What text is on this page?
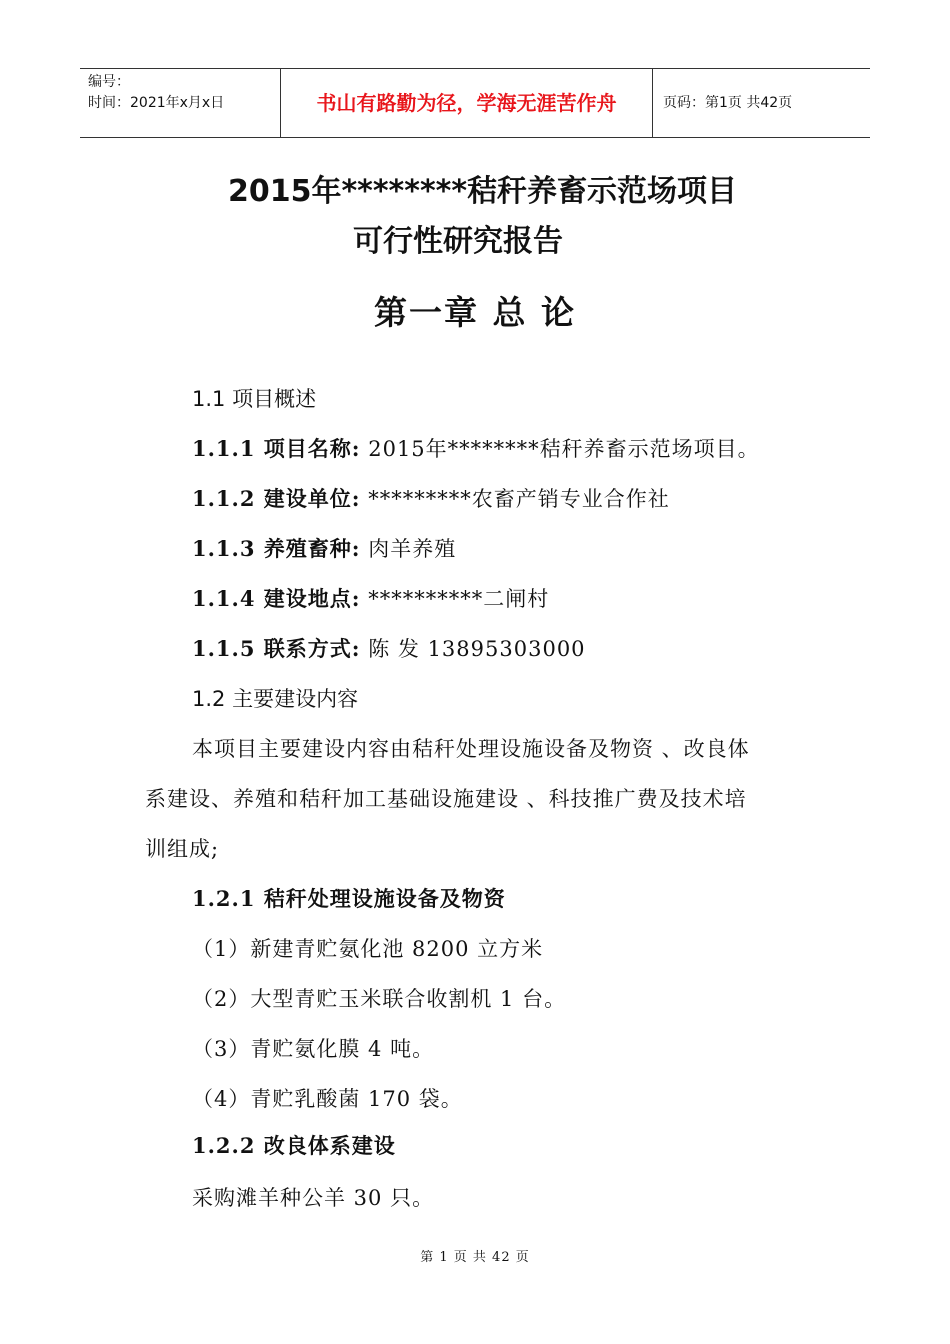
编号：
时间：2021年x月x日	书山有路勤为径，学海无涯苦作舟	页码：第1页 共42页
2015年********秸秆养畜示范场项目
可行性研究报告
第一章 总 论
1.1 项目概述
1.1.1 项目名称: 2015年********秸秆养畜示范场项目。
1.1.2 建设单位: *********农畜产销专业合作社
1.1.3 养殖畜种: 肉羊养殖
1.1.4 建设地点: **********二闸村
1.1.5 联系方式: 陈 发 13895303000
1.2 主要建设内容
本项目主要建设内容由秸秆处理设施设备及物资 、改良体
系建设、养殖和秸秆加工基础设施建设 、科技推广费及技术培
训组成;
1.2.1 秸秆处理设施设备及物资
（1）新建青贮氨化池 8200 立方米
（2）大型青贮玉米联合收割机 1 台。
（3）青贮氨化膜 4 吨。
（4）青贮乳酸菌 170 袋。
1.2.2 改良体系建设
采购滩羊种公羊 30 只。
第 1 页 共 42 页
